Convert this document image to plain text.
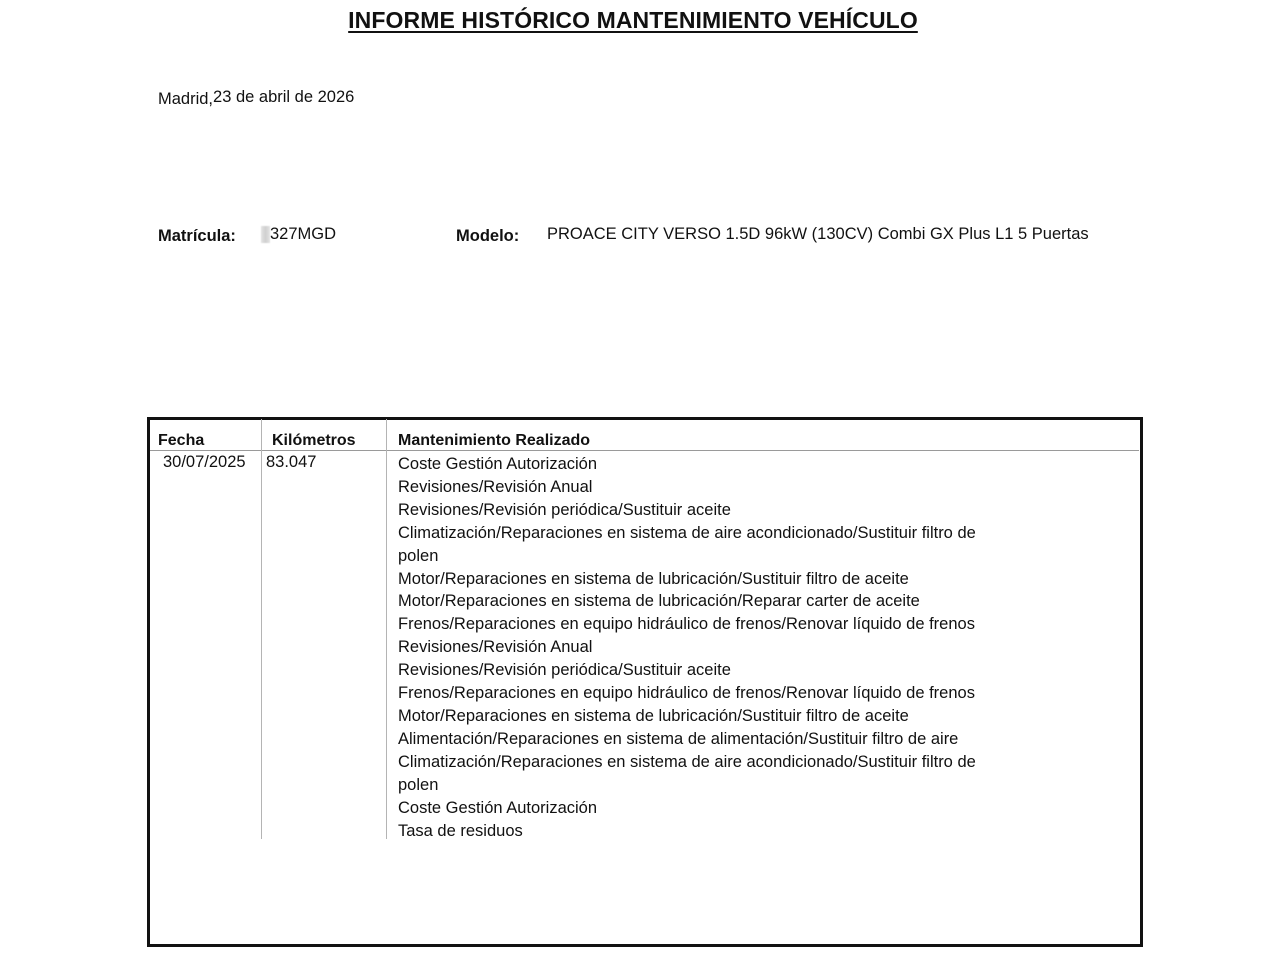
INFORME HISTÓRICO MANTENIMIENTO VEHÍCULO
Madrid,23 de abril de 2026
Matrícula: 327MGD	Modelo: PROACE CITY VERSO 1.5D 96kW (130CV) Combi GX Plus L1 5 Puertas
Fecha	Kilómetros	Mantenimiento Realizado
30/07/2025 83.047	Coste Gestión Autorización
Revisiones/Revisión Anual
Revisiones/Revisión periódica/Sustituir aceite
Climatización/Reparaciones en sistema de aire acondicionado/Sustituir filtro de polen
Motor/Reparaciones en sistema de lubricación/Sustituir filtro de aceite
Motor/Reparaciones en sistema de lubricación/Reparar carter de aceite
Frenos/Reparaciones en equipo hidráulico de frenos/Renovar líquido de frenos
Revisiones/Revisión Anual
Revisiones/Revisión periódica/Sustituir aceite
Frenos/Reparaciones en equipo hidráulico de frenos/Renovar líquido de frenos
Motor/Reparaciones en sistema de lubricación/Sustituir filtro de aceite
Alimentación/Reparaciones en sistema de alimentación/Sustituir filtro de aire
Climatización/Reparaciones en sistema de aire acondicionado/Sustituir filtro de polen
Coste Gestión Autorización
Tasa de residuos
